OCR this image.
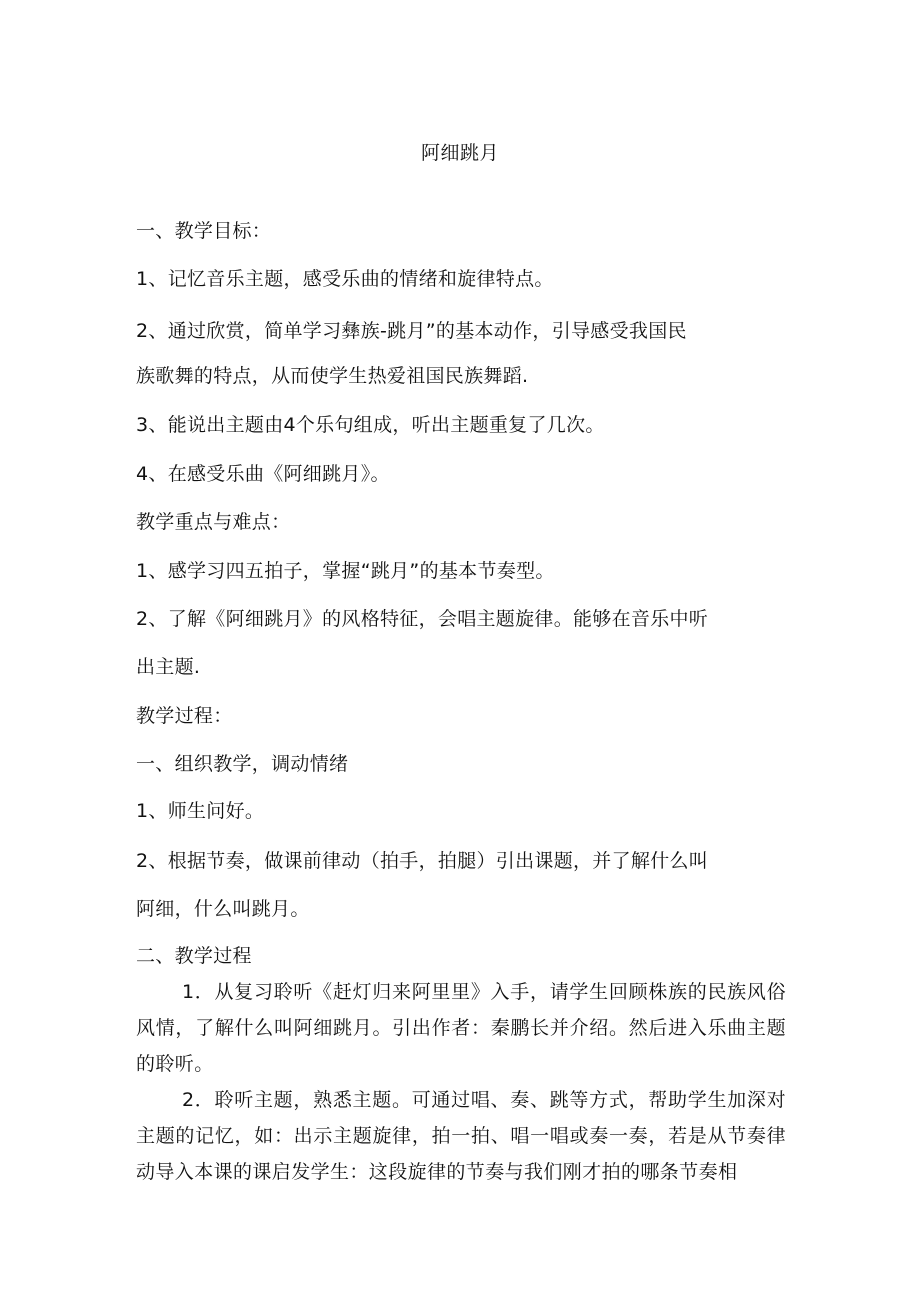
阿细跳月
一、教学目标：
1、记忆音乐主题，感受乐曲的情绪和旋律特点。
2、通过欣赏，简单学习彝族-跳月”的基本动作，引导感受我国民
族歌舞的特点，从而使学生热爱祖国民族舞蹈.
3、能说出主题由4个乐句组成，听出主题重复了几次。
4、在感受乐曲《阿细跳月》。
教学重点与难点：
1、感学习四五拍子，掌握“跳月”的基本节奏型。
2、了解《阿细跳月》的风格特征，会唱主题旋律。能够在音乐中听
出主题.
教学过程：
一、组织教学，调动情绪
1、师生问好。
2、根据节奏，做课前律动（拍手，拍腿）引出课题，并了解什么叫
阿细，什么叫跳月。
二、教学过程
1．从复习聆听《赶灯归来阿里里》入手，请学生回顾株族的民族风俗风情，了解什么叫阿细跳月。引出作者：秦鹏长并介绍。然后进入乐曲主题的聆听。
2．聆听主题，熟悉主题。可通过唱、奏、跳等方式，帮助学生加深对主题的记忆，如：出示主题旋律，拍一拍、唱一唱或奏一奏，若是从节奏律动导入本课的课启发学生：这段旋律的节奏与我们刚才拍的哪条节奏相
